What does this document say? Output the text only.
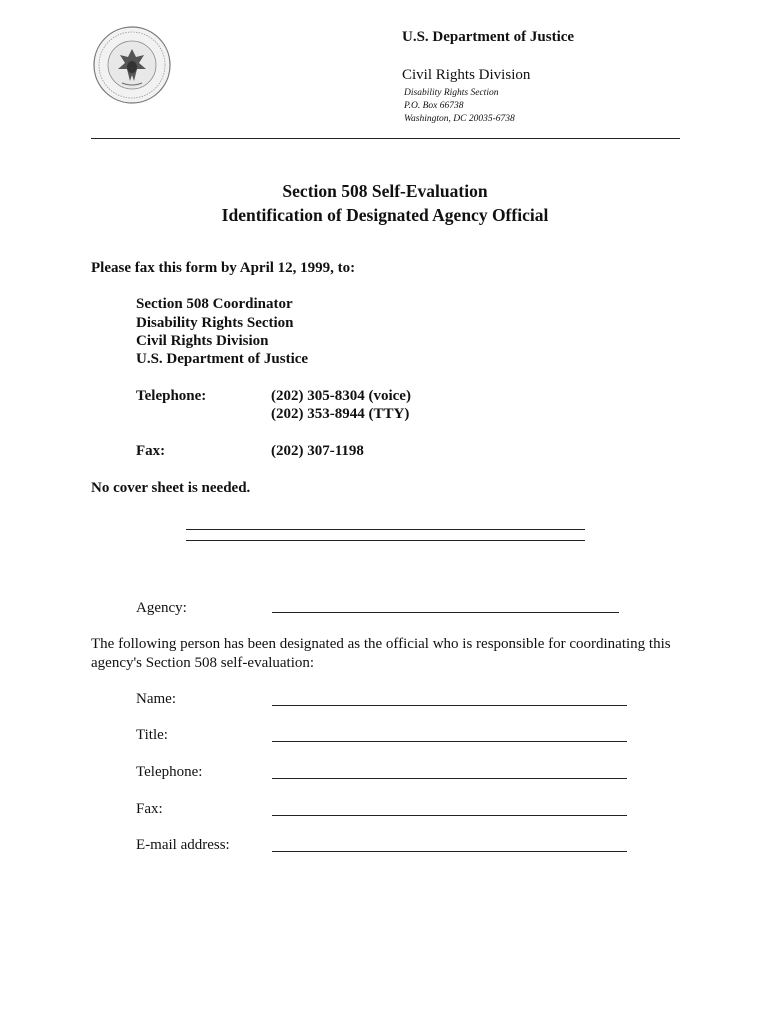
U.S. Department of Justice
Civil Rights Division
Disability Rights Section
P.O. Box 66738
Washington, DC 20035-6738
Section 508 Self-Evaluation
Identification of Designated Agency Official
Please fax this form by April 12, 1999, to:
Section 508 Coordinator
Disability Rights Section
Civil Rights Division
U.S. Department of Justice
Telephone:	(202) 305-8304 (voice)
(202) 353-8944 (TTY)
Fax:	(202) 307-1198
No cover sheet is needed.
Agency:
The following person has been designated as the official who is responsible for coordinating this
agency's Section 508 self-evaluation:
Name:
Title:
Telephone:
Fax:
E-mail address:
